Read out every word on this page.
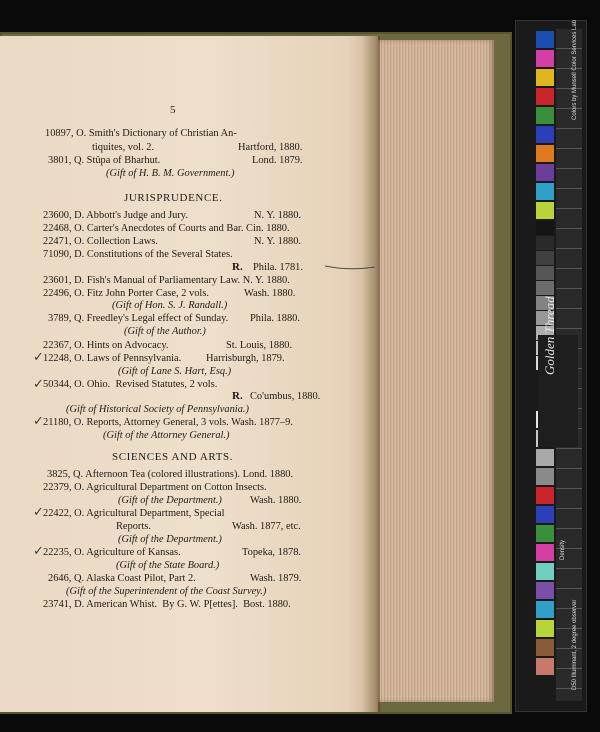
5
10897, O. Smith's Dictionary of Christian An-
tiquites, vol. 2.	Hartford, 1880.
3801, Q. Stûpa of Bharhut.	Lond. 1879.
(Gift of H. B. M. Government.)
JURISPRUDENCE.
23600, D. Abbott's Judge and Jury.	N. Y. 1880.
22468, O. Carter's Anecdotes of Courts and Bar. Cin. 1880.
22471, O. Collection Laws.	N. Y. 1880.
71090, D. Constitutions of the Several States.
R. Phila. 1781.
23601, D. Fish's Manual of Parliamentary Law. N. Y. 1880.
22496, O. Fitz John Porter Case, 2 vols.	Wash. 1880.
(Gift of Hon. S. J. Randall.)
3789, Q. Freedley's Legal effect of Sunday. Phila. 1880.
(Gift of the Author.)
22367, O. Hints on Advocacy.	St. Louis, 1880.
✓ 12248, O. Laws of Pennsylvania. Harrisburgh, 1879.
(Gift of Lane S. Hart, Esq.)
✓ 50344, O. Ohio.  Revised Statutes, 2 vols.
R. Co'umbus, 1880.
(Gift of Historical Society of Pennsylvania.)
✓ 21180, O. Reports, Attorney General, 3 vols. Wash. 1877–9.
(Gift of the Attorney General.)
SCIENCES AND ARTS.
3825, Q. Afternoon Tea (colored illustrations). Lond. 1880.
22379, O. Agricultural Department on Cotton Insects.
(Gift of the Department.)	Wash. 1880.
✓ 22422, O. Agricultural Department, Special
Reports.	Wash. 1877, etc.
(Gift of the Department.)
✓ 22235, O. Agriculture of Kansas.	Topeka, 1878.
(Gift of the State Board.)
2646, Q. Alaska Coast Pilot, Part 2.	Wash. 1879.
(Gift of the Superintendent of the Coast Survey.)
23741, D. American Whist.  By G. W. P[ettes].  Bost. 1880.
Golden Thread
Colors by Munsell Color Services Lab
D50 Illuminant, 2 degree observer
Density
